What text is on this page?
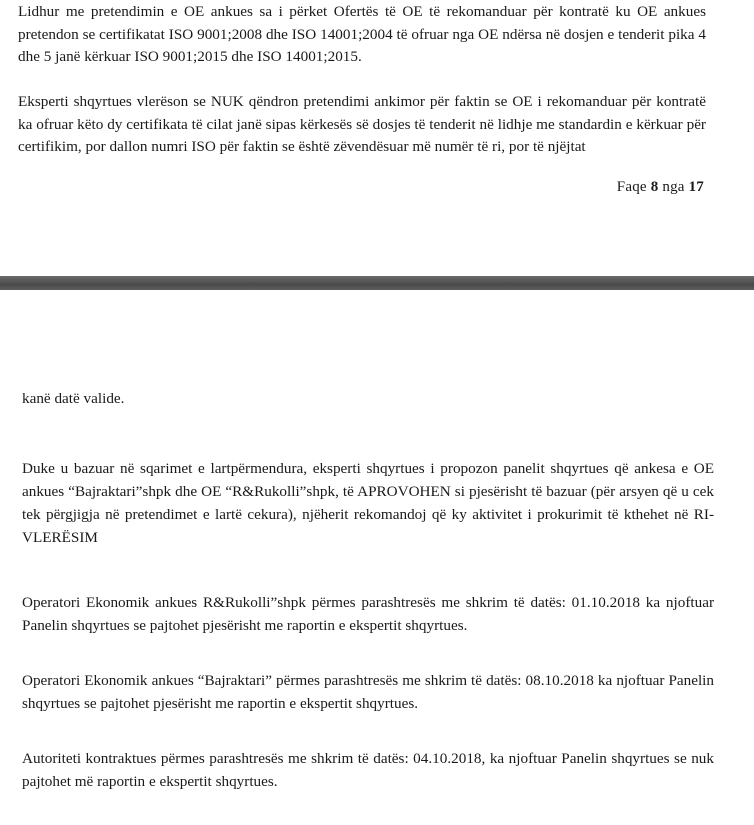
Lidhur me pretendimin e OE ankues sa i përket Ofertës të OE të rekomanduar për kontratë ku OE ankues pretendon se certifikatat ISO 9001;2008 dhe ISO 14001;2004 të ofruar nga OE ndërsa në dosjen e tenderit pika 4 dhe 5 janë kërkuar ISO 9001;2015 dhe ISO 14001;2015.

Eksperti shqyrtues vlerëson se NUK qëndron pretendimi ankimor për faktin se OE i rekomanduar për kontratë ka ofruar këto dy certifikata të cilat janë sipas kërkesës së dosjes të tenderit në lidhje me standardin e kërkuar për certifikim, por dallon numri ISO për faktin se është zëvendësuar më numër të ri, por të njëjtat

Faqe 8 nga 17

kanë datë valide.

Duke u bazuar në sqarimet e lartpërmendura, eksperti shqyrtues i propozon panelit shqyrtues që ankesa e OE ankues “Bajraktari”shpk dhe OE “R&Rukolli”shpk, të APROVOHEN si pjesërisht të bazuar (për arsyen që u cek tek përgjigja në pretendimet e lartë cekura), njëherit rekomandoj që ky aktivitet i prokurimit të kthehet në RI-VLERËSIM

Operatori Ekonomik ankues R&Rukolli”shpk përmes parashtresës me shkrim të datës: 01.10.2018 ka njoftuar Panelin shqyrtues se pajtohet pjesërisht me raportin e ekspertit shqyrtues.

Operatori Ekonomik ankues “Bajraktari” përmes parashtresës me shkrim të datës: 08.10.2018 ka njoftuar Panelin shqyrtues se pajtohet pjesërisht me raportin e ekspertit shqyrtues.

Autoriteti kontraktues përmes parashtresës me shkrim të datës: 04.10.2018, ka njoftuar Panelin shqyrtues se nuk pajtohet më raportin e ekspertit shqyrtues.
